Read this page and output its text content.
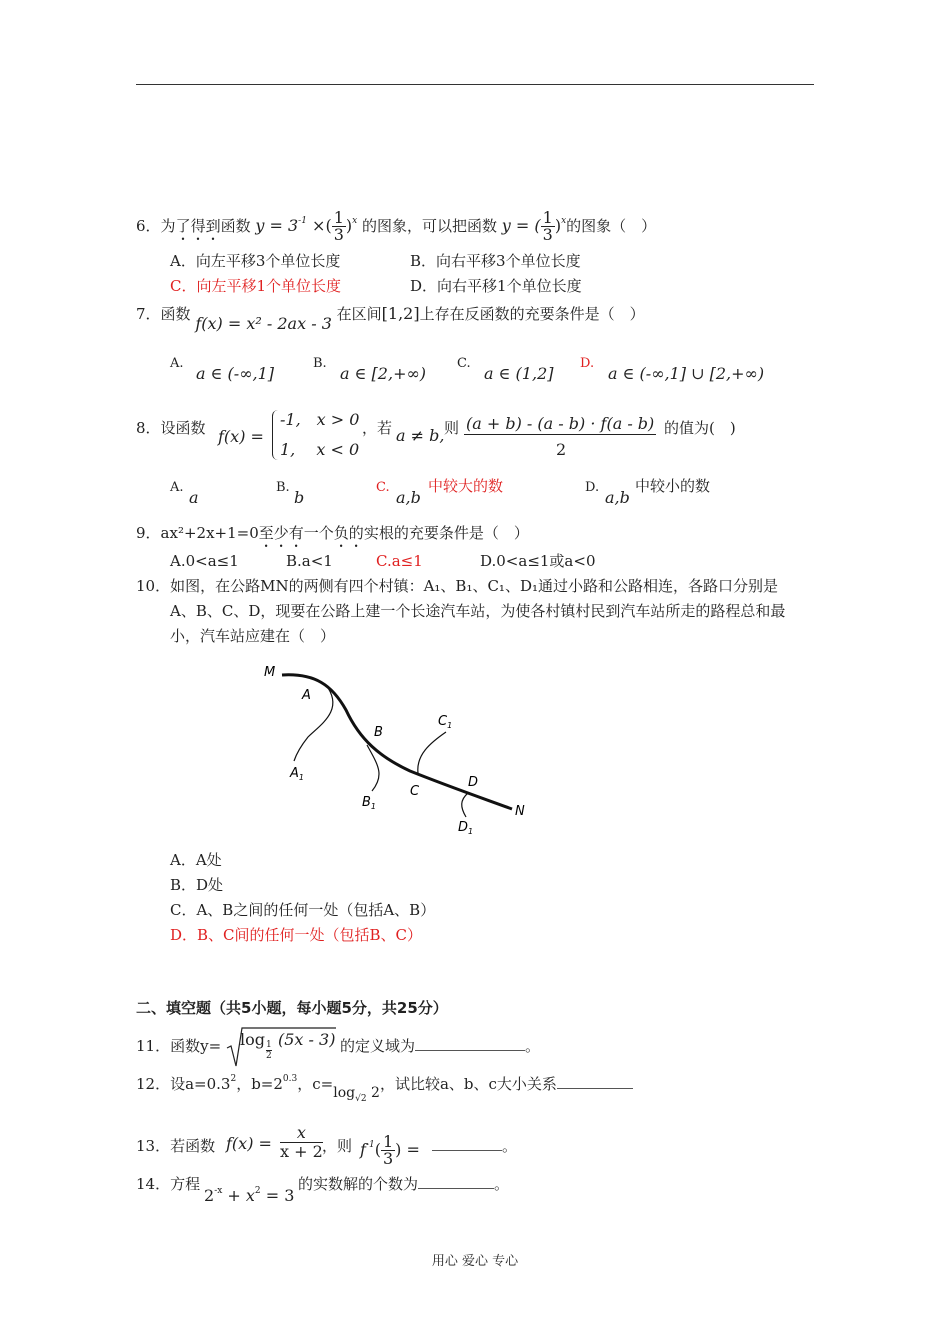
6．为了得到函数 $y = 3^{-1}$ ×( $\frac{1}{3} )^x$ 的图象，可以把函数 y = ( $\frac{1}{3} )^x$的图象（　）
A．向左平移3个单位长度	B．向右平移3个单位长度
C．向左平移1个单位长度	D．向右平移1个单位长度
7．函数 f(x) = x² - 2ax - 3 在区间[1,2]上存在反函数的充要条件是（　）
A.
a ∈ (-∞,1]
B.
a ∈ [2,+∞)
C.
a ∈ (1,2]
D.
a ∈ (-∞,1] ∪ [2,+∞)
8．设函数 f(x) =
-1,　x > 0
1,　 x < 0
，若 a ≠ b, 则 (a + b) - (a - b) · f(a - b)
2
的值为(　)
A.
a
B.
b
C.
a,b
中较大的数	D.
a,b
中较小的数
9．ax²+2x+1=0至少有一个负的实根的充要条件是（　）
A.0<a≤1	B.a<1	C.a≤1	D.0<a≤1或a<0
10．如图，在公路MN的两侧有四个村镇：A₁、B₁、C₁、D₁通过小路和公路相连，各路口分别是
A、B、C、D，现要在公路上建一个长途汽车站，为使各村镇村民到汽车站所走的路程总和最
小，汽车站应建在（　）
M
A
$A_1$
B
$B_1$
$C_1$
C
D
$D_1$
N
A．A处
B．D处
C．A、B之间的任何一处（包括A、B）
D．B、C间的任何一处（包括B、C）
二、填空题（共5小题，每小题5分，共25分）
11．函数y= log 1
2
(5x - 3) 的定义域为	。
12．设$a=0.3^2$，$b=2^{0.3}$，$c=\log_{√2}$ 2，试比较a、b、c大小关系
13．若函数 f(x) =
x
x + 2 ，则 $f^{-1}( \frac{1}{3}$ ) =	。
14．方程
$2^{-x} + x^2 = 3$
的实数解的个数为	。
用心 爱心 专心
